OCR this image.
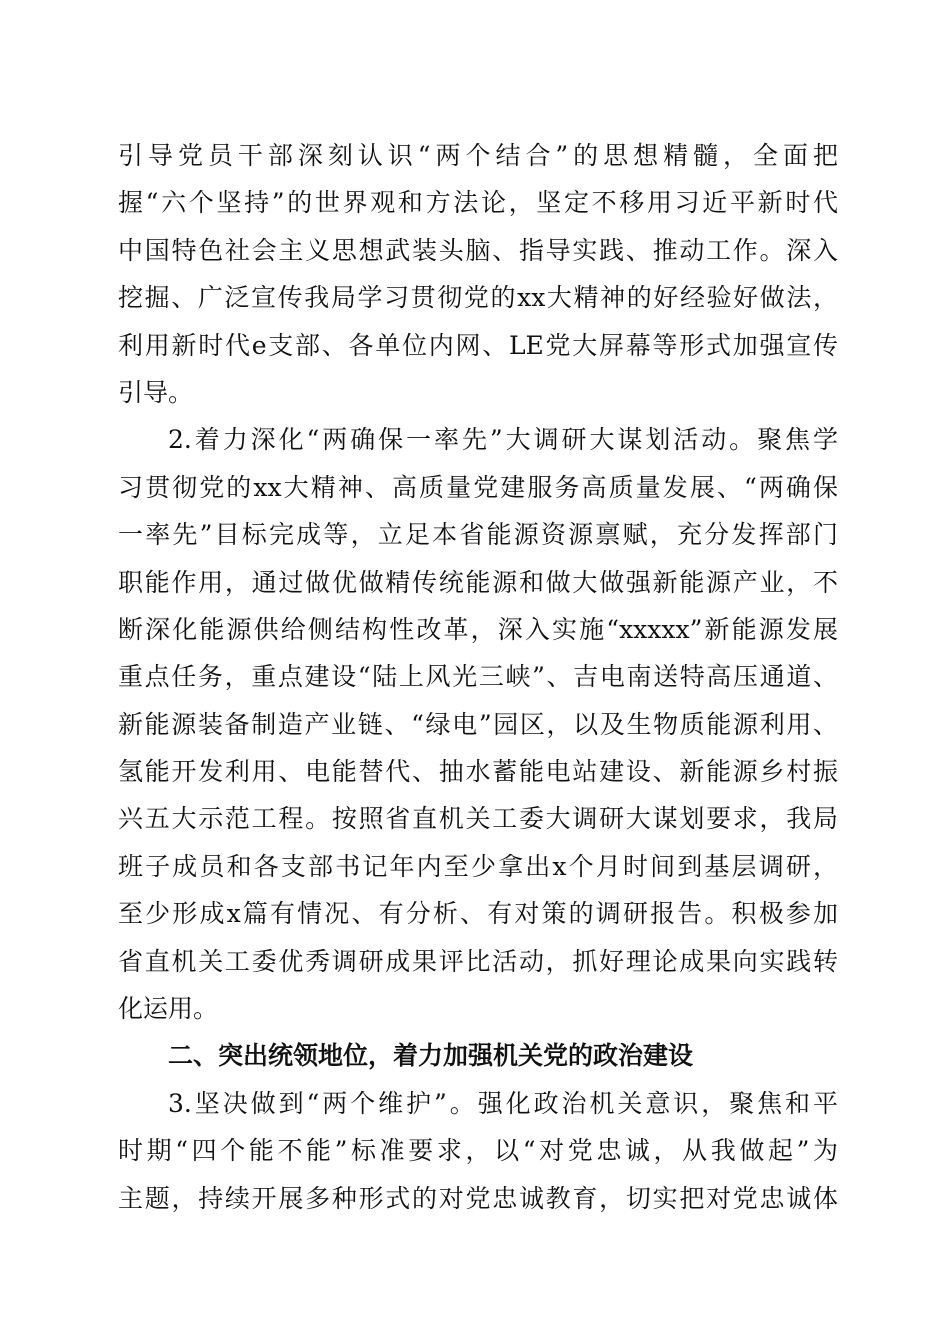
引导党员干部深刻认识“两个结合”的思想精髓，全面把
握“六个坚持”的世界观和方法论，坚定不移用习近平新时代
中国特色社会主义思想武装头脑、指导实践、推动工作。深入
挖掘、广泛宣传我局学习贯彻党的xx大精神的好经验好做法，
利用新时代e支部、各单位内网、LE党大屏幕等形式加强宣传
引导。
2.着力深化“两确保一率先”大调研大谋划活动。聚焦学
习贯彻党的xx大精神、高质量党建服务高质量发展、“两确保
一率先”目标完成等，立足本省能源资源禀赋，充分发挥部门
职能作用，通过做优做精传统能源和做大做强新能源产业，不
断深化能源供给侧结构性改革，深入实施“xxxxx”新能源发展
重点任务，重点建设“陆上风光三峡”、吉电南送特高压通道、
新能源装备制造产业链、“绿电”园区，以及生物质能源利用、
氢能开发利用、电能替代、抽水蓄能电站建设、新能源乡村振
兴五大示范工程。按照省直机关工委大调研大谋划要求，我局
班子成员和各支部书记年内至少拿出x个月时间到基层调研，
至少形成x篇有情况、有分析、有对策的调研报告。积极参加
省直机关工委优秀调研成果评比活动，抓好理论成果向实践转
化运用。
二、突出统领地位，着力加强机关党的政治建设
3.坚决做到“两个维护”。强化政治机关意识，聚焦和平
时期“四个能不能”标准要求，以“对党忠诚，从我做起”为
主题，持续开展多种形式的对党忠诚教育，切实把对党忠诚体
